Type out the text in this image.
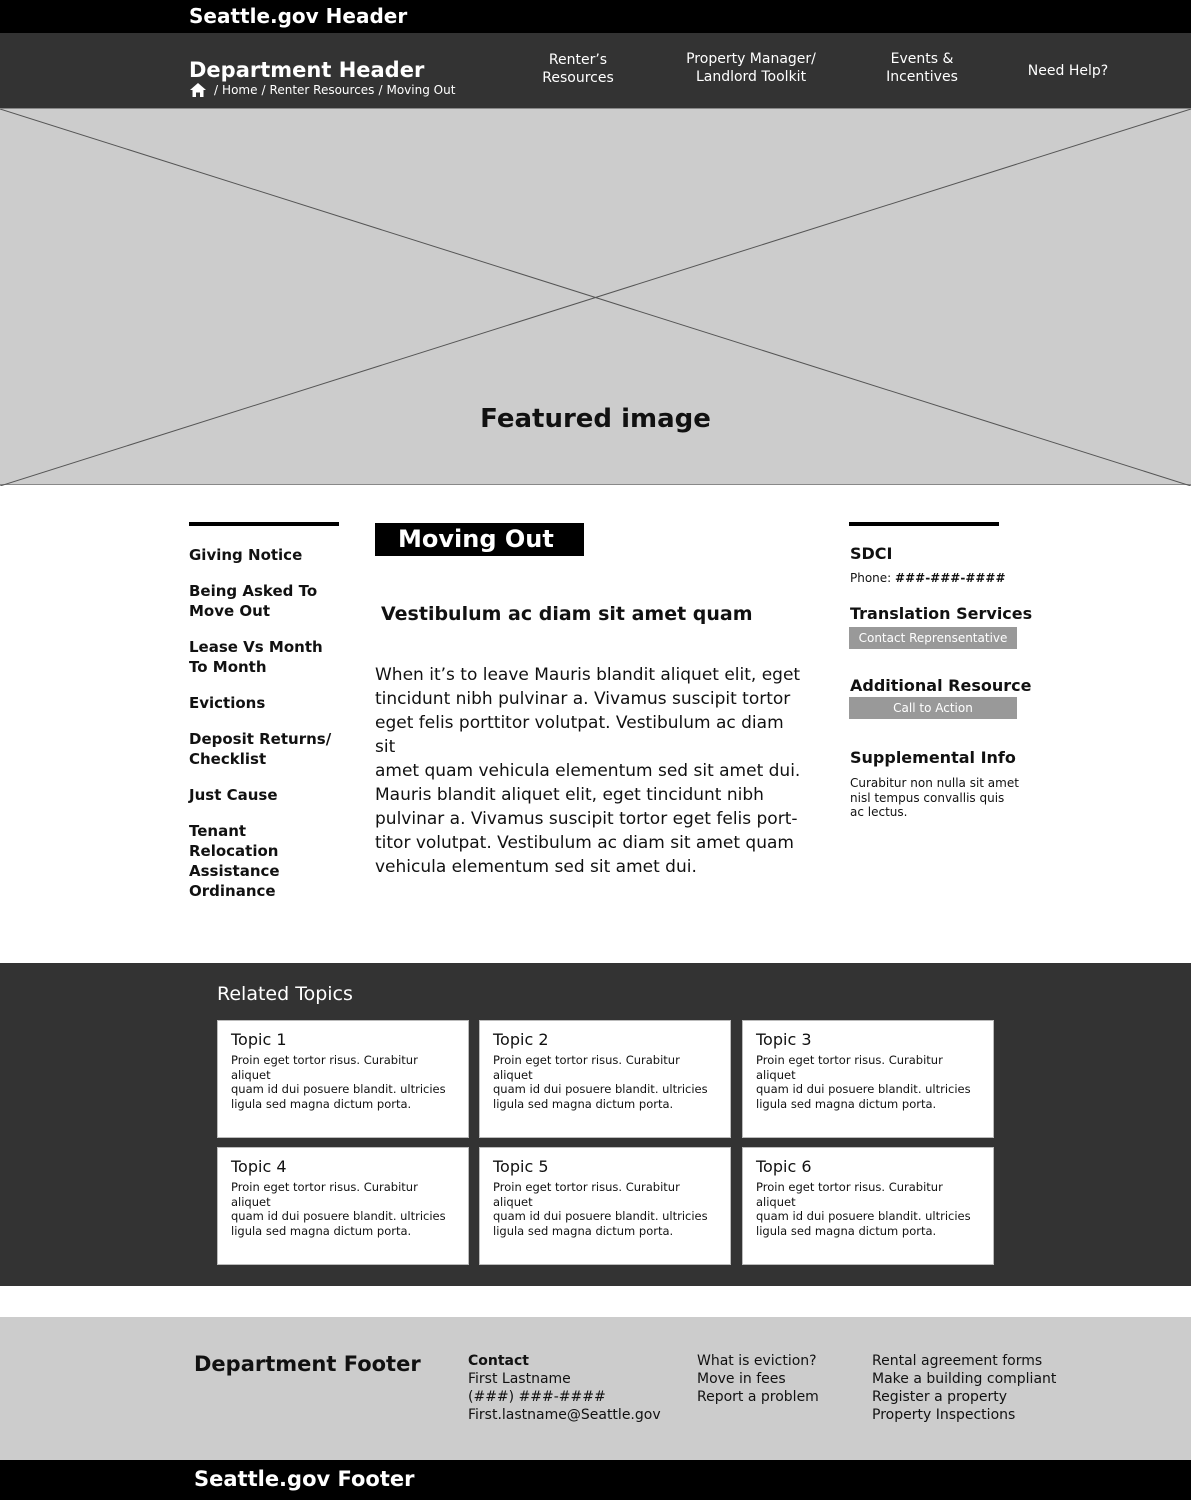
Seattle.gov Header
Department Header
/ Home / Renter Resources / Moving Out
Renter’s
Resources
Property Manager/
Landlord Toolkit
Events &
Incentives	Need Help?
Featured image
Giving Notice
Being Asked To
Move Out
Lease Vs Month
To Month
Evictions
Deposit Returns/
Checklist
Just Cause
Tenant Relocation
Assistance
Ordinance
Moving Out
Vestibulum ac diam sit amet quam
When it’s to leave Mauris blandit aliquet elit, eget
tincidunt nibh pulvinar a. Vivamus suscipit tortor
eget felis porttitor volutpat. Vestibulum ac diam sit
amet quam vehicula elementum sed sit amet dui.
Mauris blandit aliquet elit, eget tincidunt nibh
pulvinar a. Vivamus suscipit tortor eget felis port-
titor volutpat. Vestibulum ac diam sit amet quam
vehicula elementum sed sit amet dui.
SDCI
Phone: ###-###-####
Translation Services
Contact Reprensentative
Additional Resource
Call to Action
Supplemental Info
Curabitur non nulla sit amet
nisl tempus convallis quis
ac lectus.
Related Topics
Topic 1
Proin eget tortor risus. Curabitur aliquet
quam id dui posuere blandit. ultricies
ligula sed magna dictum porta.
Topic 2
Proin eget tortor risus. Curabitur aliquet
quam id dui posuere blandit. ultricies
ligula sed magna dictum porta.
Topic 3
Proin eget tortor risus. Curabitur aliquet
quam id dui posuere blandit. ultricies
ligula sed magna dictum porta.
Topic 4
Proin eget tortor risus. Curabitur aliquet
quam id dui posuere blandit. ultricies
ligula sed magna dictum porta.
Topic 5
Proin eget tortor risus. Curabitur aliquet
quam id dui posuere blandit. ultricies
ligula sed magna dictum porta.
Topic 6
Proin eget tortor risus. Curabitur aliquet
quam id dui posuere blandit. ultricies
ligula sed magna dictum porta.
Department Footer	Contact
First Lastname
(###) ###-####
First.lastname@Seattle.gov
What is eviction?
Move in fees
Report a problem
Rental agreement forms
Make a building compliant
Register a property
Property Inspections
Seattle.gov Footer
